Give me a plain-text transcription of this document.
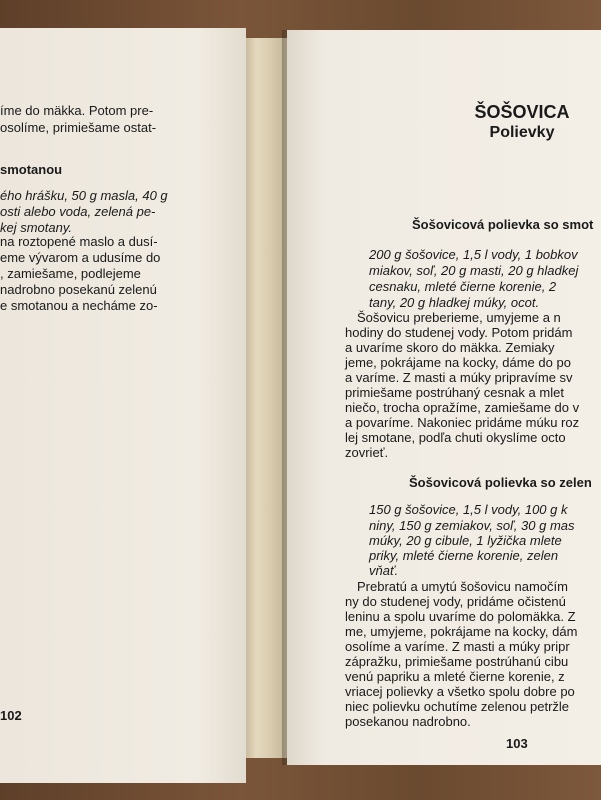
íme do mäkka. Potom pre-
osolíme, primiešame ostat-
smotanou
ého hrášku, 50 g masla, 40 g
osti alebo voda, zelená pe-
kej smotany.
na roztopené maslo a dusí-
eme vývarom a udusíme do
, zamiešame, podlejeme
nadrobno posekanú zelenú
e smotanou a necháme zo-
102
ŠOŠOVICA
Polievky
Šošovicová polievka so smot
200 g šošovice, 1,5 l vody, 1 bobkov
miakov, soľ, 20 g masti, 20 g hladkej
cesnaku, mleté čierne korenie, 2
tany, 20 g hladkej múky, ocot.
Šošovicu preberieme, umyjeme a n
hodiny do studenej vody. Potom pridám
a uvaríme skoro do mäkka. Zemiaky
jeme, pokrájame na kocky, dáme do po
a varíme. Z masti a múky pripravíme sv
primiešame postrúhaný cesnak a mlet
niečo, trocha opražíme, zamiešame do v
a povaríme. Nakoniec pridáme múku roz
lej smotane, podľa chuti okyslíme octo
zovrieť.
Šošovicová polievka so zelen
150 g šošovice, 1,5 l vody, 100 g k
niny, 150 g zemiakov, soľ, 30 g mas
múky, 20 g cibule, 1 lyžička mlete
priky, mleté čierne korenie, zelen
vňať.
Prebratú a umytú šošovicu namočím
ny do studenej vody, pridáme očistenú
leninu a spolu uvaríme do polomäkka. Z
me, umyjeme, pokrájame na kocky, dám
osolíme a varíme. Z masti a múky pripr
zápražku, primiešame postrúhanú cibu
venú papriku a mleté čierne korenie, z
vriacej polievky a všetko spolu dobre po
niec polievku ochutíme zelenou petržle
posekanou nadrobno.
103
